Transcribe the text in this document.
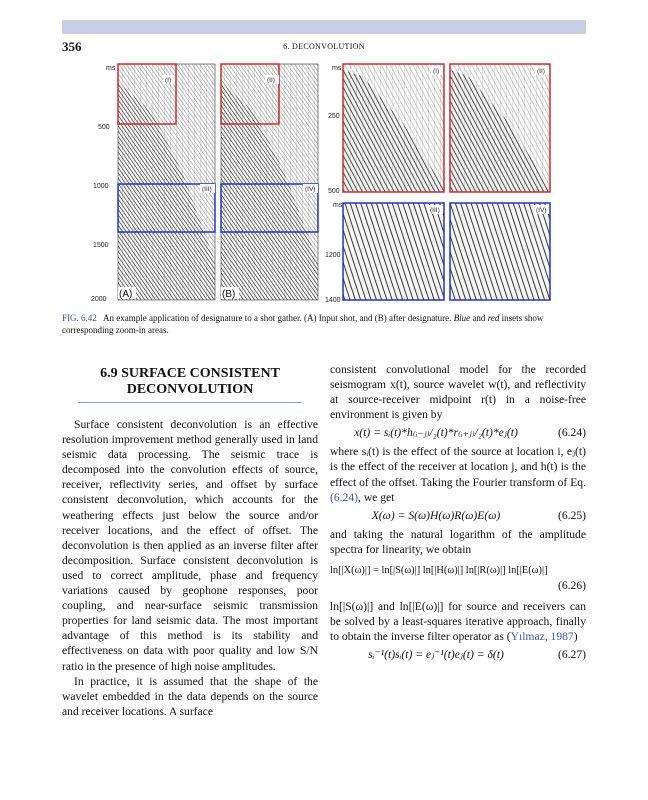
356	6. DECONVOLUTION
ms
500
1000
1500
2000
ms
250
500
ms
1200
1400
(A)	(B)
(I)	(II)
(III)	(IV)
(I)	(II)
(III)	(IV)
FIG. 6.42 An example application of designature to a shot gather. (A) Input shot, and (B) after designature. Blue and red insets show corresponding zoom-in areas.

6.9 SURFACE CONSISTENT

DECONVOLUTION

Surface consistent deconvolution is an effective resolution improvement method generally used in land seismic data processing. The seismic trace is decomposed into the convolution effects of source, receiver, reflectivity series, and offset by surface consistent deconvolution, which accounts for the weathering effects just below the source and/or receiver locations, and the effect of offset. The deconvolution is then applied as an inverse filter after decomposition. Surface consistent deconvolution is used to correct amplitude, phase and frequency variations caused by geophone responses, poor coupling, and near-surface seismic transmission properties for land seismic data. The most important advantage of this method is its stability and effectiveness on data with poor quality and low S/N ratio in the presence of high noise amplitudes.

In practice, it is assumed that the shape of the wavelet embedded in the data depends on the source and receiver locations. A surface

consistent convolutional model for the recorded seismogram x(t), source wavelet w(t), and reflectivity at source-receiver midpoint r(t) in a noise-free environment is given by

x(t) = sᵢ(t)*h₍ᵢ₋ⱼ₎/₂(t)*r₍ᵢ₊ⱼ₎/₂(t)*eⱼ(t)	(6.24)

where sᵢ(t) is the effect of the source at location i, eⱼ(t) is the effect of the receiver at location j, and h(t) is the effect of the offset. Taking the Fourier transform of Eq. (6.24), we get

X(ω) = S(ω)H(ω)R(ω)E(ω)	(6.25)

and taking the natural logarithm of the amplitude spectra for linearity, we obtain

ln[|X(ω)|] = ln[|S(ω)|] ln[|H(ω)|] ln[|R(ω)|] ln[|E(ω)|]
(6.26)

ln[|S(ω)|] and ln[|E(ω)|] for source and receivers can be solved by a least-squares iterative approach, finally to obtain the inverse filter operator as (Yılmaz, 1987)

sᵢ⁻¹(t)sᵢ(t) = eⱼ⁻¹(t)eⱼ(t) = δ(t)	(6.27)
